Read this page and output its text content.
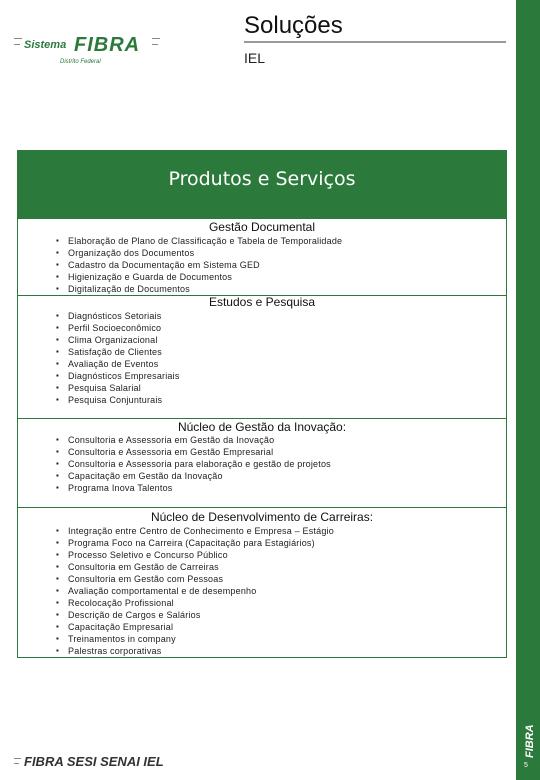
FIBRA
5
Sistema FIBRA
Distrito Federal
Soluções
IEL
Produtos e Serviços
Gestão Documental
▪ Elaboração de Plano de Classificação e Tabela de Temporalidade
▪ Organização dos Documentos
▪ Cadastro da Documentação em Sistema GED
▪ Higienização e Guarda de Documentos
▪ Digitalização de Documentos
Estudos e Pesquisa
▪ Diagnósticos Setoriais
▪ Perfil Socioeconômico
▪ Clima Organizacional
▪ Satisfação de Clientes
▪ Avaliação de Eventos
▪ Diagnósticos Empresariais
▪ Pesquisa Salarial
▪ Pesquisa Conjunturais
Núcleo de Gestão da Inovação:
▪ Consultoria e Assessoria em Gestão da Inovação
▪ Consultoria e Assessoria em Gestão Empresarial
▪ Consultoria e Assessoria para elaboração e gestão de projetos
▪ Capacitação em Gestão da Inovação
▪ Programa Inova Talentos
Núcleo de Desenvolvimento de Carreiras:
▪ Integração entre Centro de Conhecimento e Empresa – Estágio
▪ Programa Foco na Carreira (Capacitação para Estagiários)
▪ Processo Seletivo e Concurso Público
▪ Consultoria em Gestão de Carreiras
▪ Consultoria em Gestão com Pessoas
▪ Avaliação comportamental e de desempenho
▪ Recolocação Profissional
▪ Descrição de Cargos e Salários
▪ Capacitação Empresarial
▪ Treinamentos in company
▪ Palestras corporativas
FIBRA SESI SENAI IEL
